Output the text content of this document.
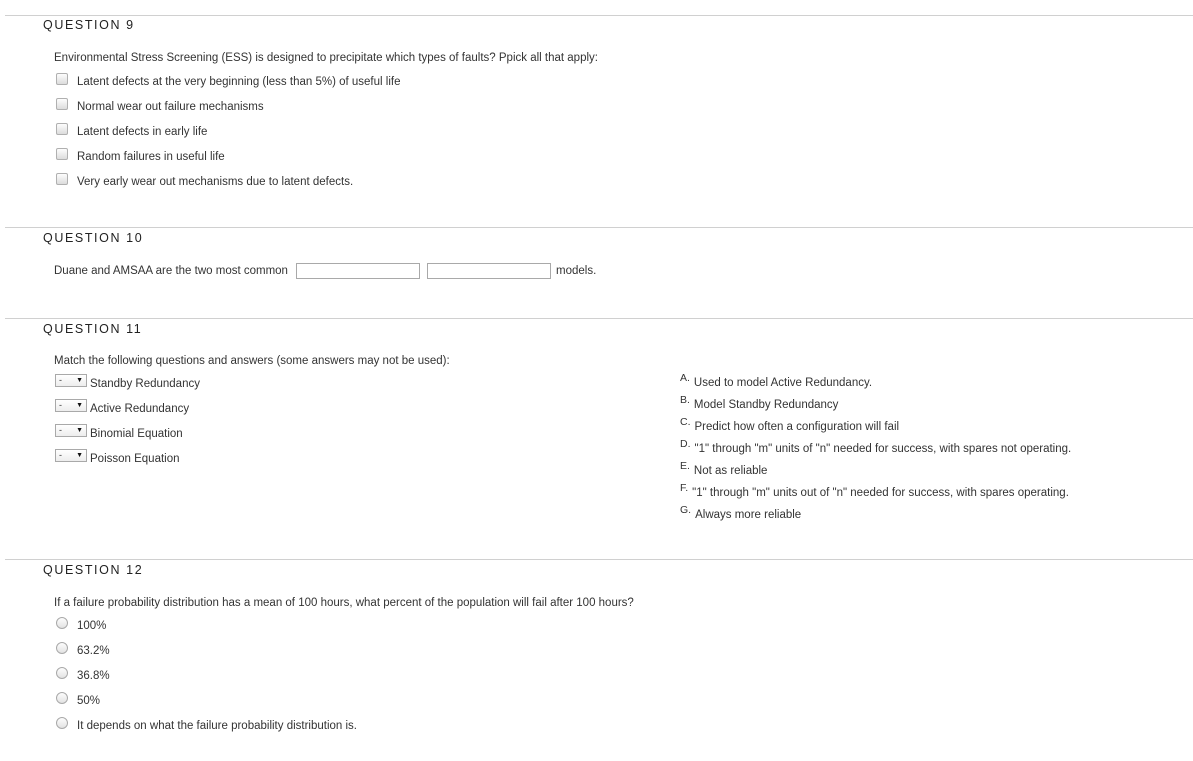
QUESTION 9
Environmental Stress Screening (ESS) is designed to precipitate which types of faults? Ppick all that apply:
Latent defects at the very beginning (less than 5%) of useful life
Normal wear out failure mechanisms
Latent defects in early life
Random failures in useful life
Very early wear out mechanisms due to latent defects.
QUESTION 10
Duane and AMSAA are the two most common	models.
QUESTION 11
Match the following questions and answers (some answers may not be used):
- ▼ Standby Redundancy
- ▼ Active Redundancy
- ▼ Binomial Equation
- ▼ Poisson Equation
A. Used to model Active Redundancy.
B. Model Standby Redundancy
C. Predict how often a configuration will fail
D. "1" through "m" units of "n" needed for success, with spares not operating.
E. Not as reliable
F. "1" through "m" units out of "n" needed for success, with spares operating.
G. Always more reliable
QUESTION 12
If a failure probability distribution has a mean of 100 hours, what percent of the population will fail after 100 hours?
100%
63.2%
36.8%
50%
It depends on what the failure probability distribution is.
